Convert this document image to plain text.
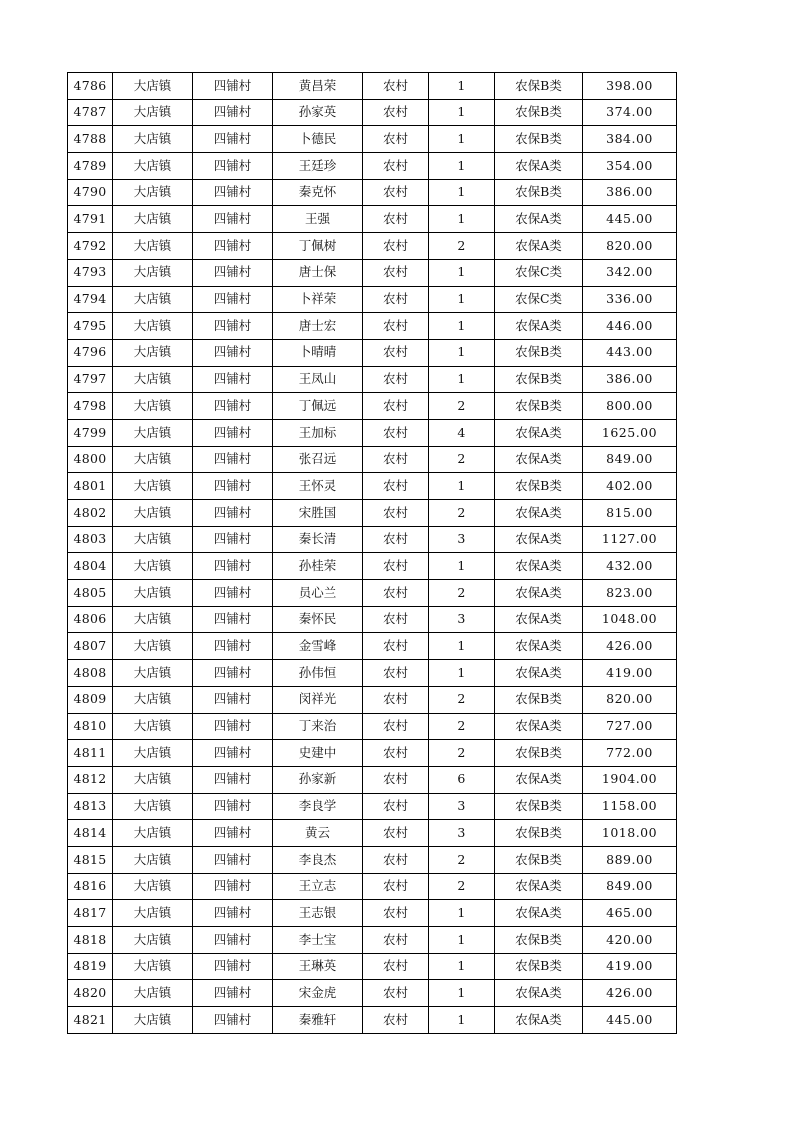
4786	大店镇	四铺村	黄昌荣	农村	1	农保B类	398.00
4787	大店镇	四铺村	孙家英	农村	1	农保B类	374.00
4788	大店镇	四铺村	卜德民	农村	1	农保B类	384.00
4789	大店镇	四铺村	王廷珍	农村	1	农保A类	354.00
4790	大店镇	四铺村	秦克怀	农村	1	农保B类	386.00
4791	大店镇	四铺村	王强	农村	1	农保A类	445.00
4792	大店镇	四铺村	丁佩树	农村	2	农保A类	820.00
4793	大店镇	四铺村	唐士保	农村	1	农保C类	342.00
4794	大店镇	四铺村	卜祥荣	农村	1	农保C类	336.00
4795	大店镇	四铺村	唐士宏	农村	1	农保A类	446.00
4796	大店镇	四铺村	卜晴晴	农村	1	农保B类	443.00
4797	大店镇	四铺村	王凤山	农村	1	农保B类	386.00
4798	大店镇	四铺村	丁佩远	农村	2	农保B类	800.00
4799	大店镇	四铺村	王加标	农村	4	农保A类	1625.00
4800	大店镇	四铺村	张召远	农村	2	农保A类	849.00
4801	大店镇	四铺村	王怀灵	农村	1	农保B类	402.00
4802	大店镇	四铺村	宋胜国	农村	2	农保A类	815.00
4803	大店镇	四铺村	秦长清	农村	3	农保A类	1127.00
4804	大店镇	四铺村	孙桂荣	农村	1	农保A类	432.00
4805	大店镇	四铺村	员心兰	农村	2	农保A类	823.00
4806	大店镇	四铺村	秦怀民	农村	3	农保A类	1048.00
4807	大店镇	四铺村	金雪峰	农村	1	农保A类	426.00
4808	大店镇	四铺村	孙伟恒	农村	1	农保A类	419.00
4809	大店镇	四铺村	闵祥光	农村	2	农保B类	820.00
4810	大店镇	四铺村	丁来治	农村	2	农保A类	727.00
4811	大店镇	四铺村	史建中	农村	2	农保B类	772.00
4812	大店镇	四铺村	孙家新	农村	6	农保A类	1904.00
4813	大店镇	四铺村	李良学	农村	3	农保B类	1158.00
4814	大店镇	四铺村	黄云	农村	3	农保B类	1018.00
4815	大店镇	四铺村	李良杰	农村	2	农保B类	889.00
4816	大店镇	四铺村	王立志	农村	2	农保A类	849.00
4817	大店镇	四铺村	王志银	农村	1	农保A类	465.00
4818	大店镇	四铺村	李士宝	农村	1	农保B类	420.00
4819	大店镇	四铺村	王琳英	农村	1	农保B类	419.00
4820	大店镇	四铺村	宋金虎	农村	1	农保A类	426.00
4821	大店镇	四铺村	秦雅轩	农村	1	农保A类	445.00
